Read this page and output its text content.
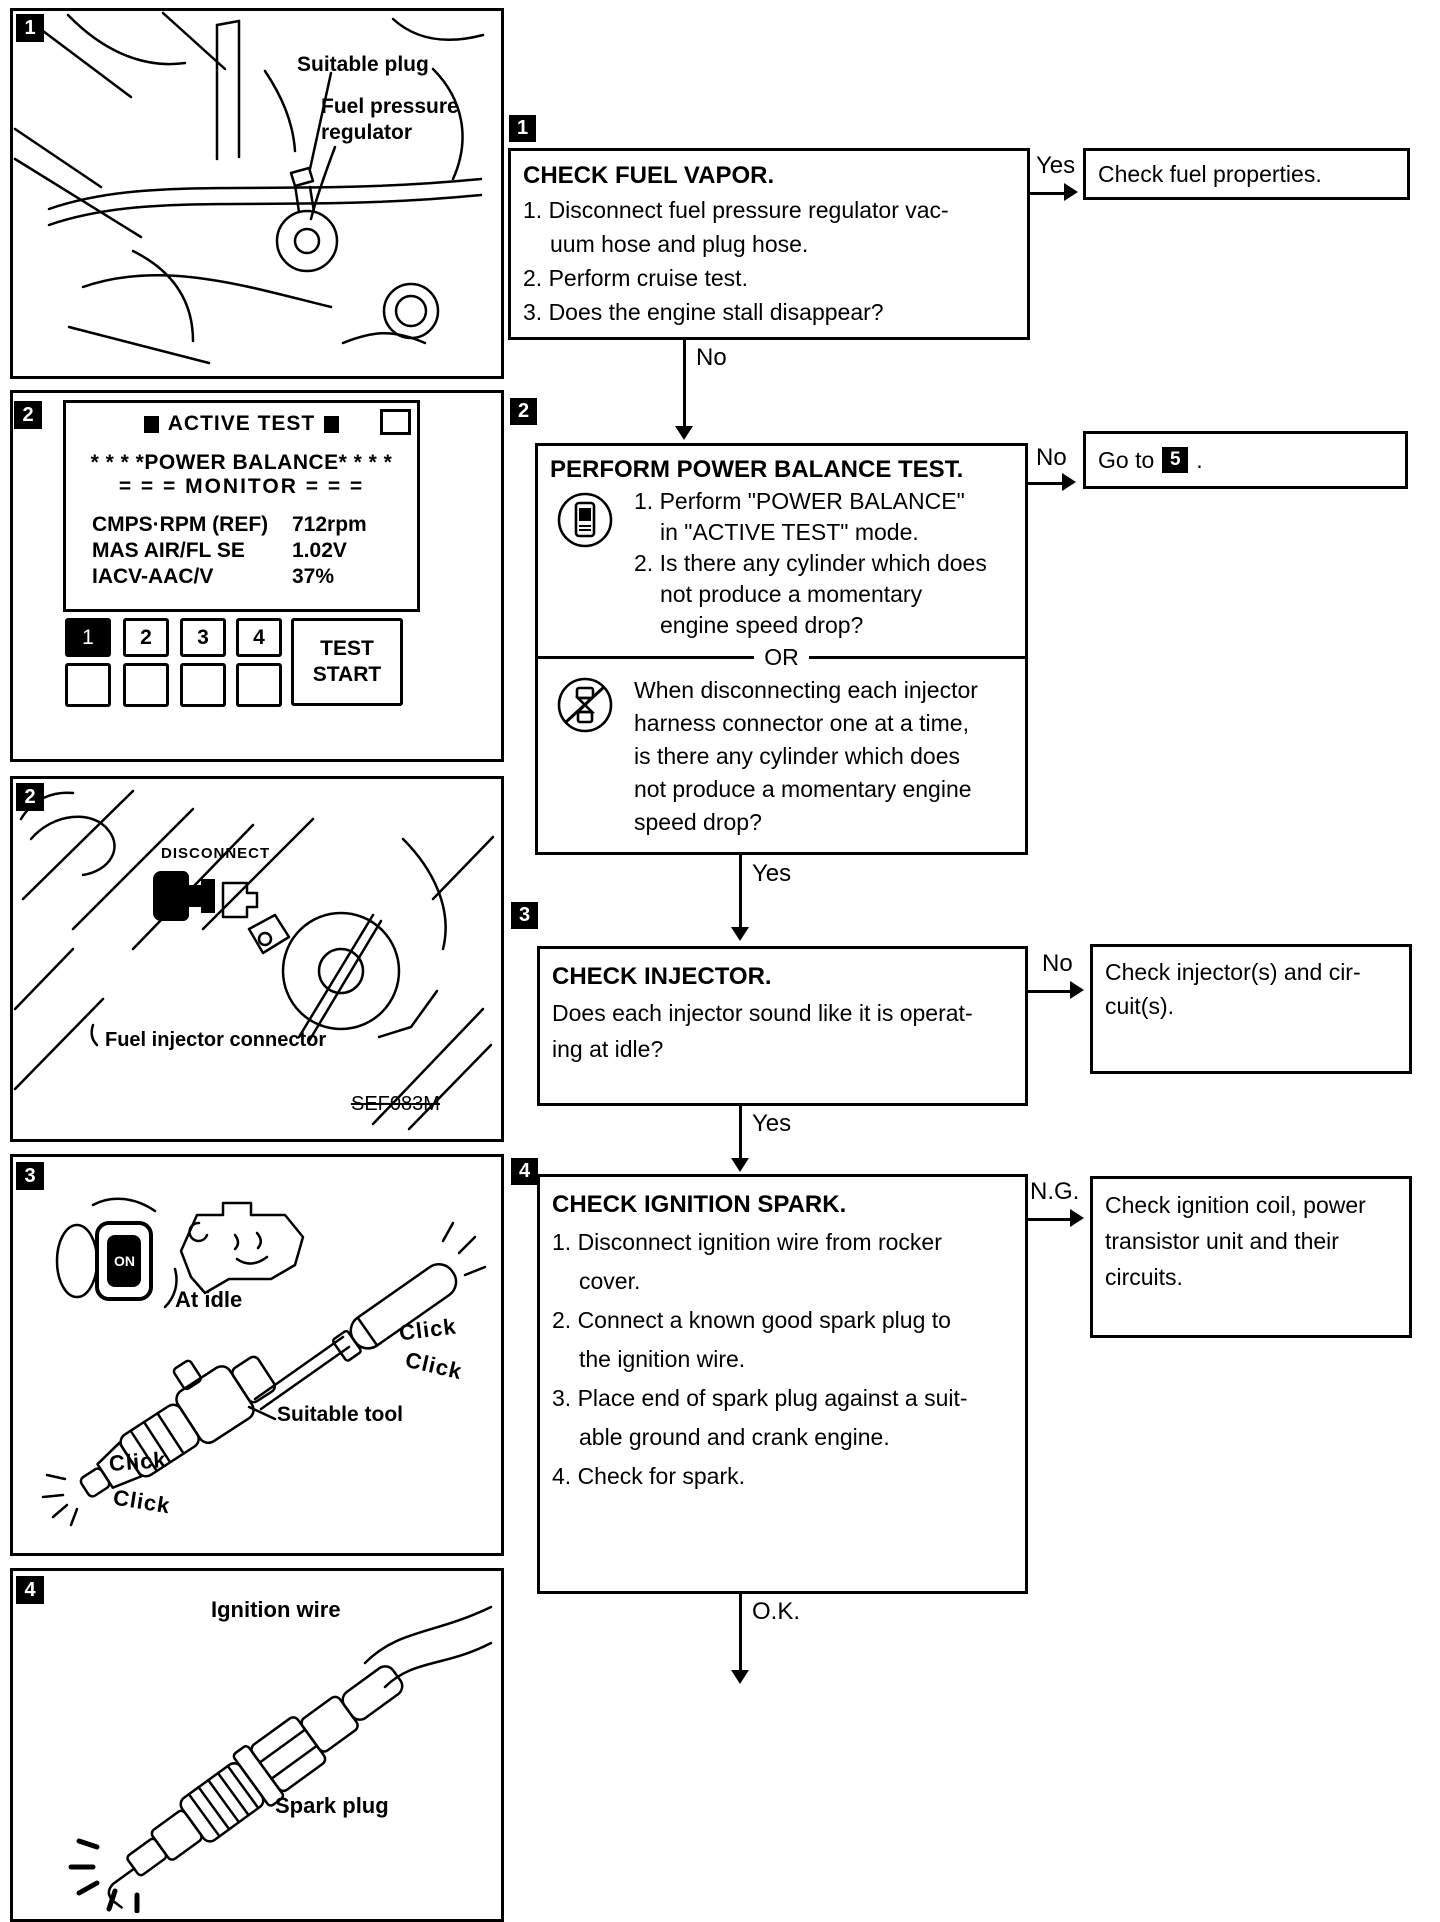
1
Suitable plug
Fuel pressure
regulator
2	ACTIVE TEST
* * * *POWER BALANCE* * * *
= = = MONITOR = = =
CMPS·RPM (REF)	712rpm
MAS AIR/FL SE	1.02V
IACV-AAC/V	37%
1	2	3	4	TEST
START
2
DISCONNECT
Fuel injector connector
SEF083M
3
ON
At idle
Click
Click
Suitable tool
Click
Click
4
Ignition wire
Spark plug
1
CHECK FUEL VAPOR.
1. Disconnect fuel pressure regulator vac-
uum hose and plug hose.
2. Perform cruise test.
3. Does the engine stall disappear?
Yes Check fuel properties.
No
2
PERFORM POWER BALANCE TEST.
1. Perform "POWER BALANCE"
in "ACTIVE TEST" mode.
2. Is there any cylinder which does
not produce a momentary
engine speed drop?
OR
When disconnecting each injector
harness connector one at a time,
is there any cylinder which does
not produce a momentary engine
speed drop?
No Go to 5 .
Yes
3
CHECK INJECTOR.
Does each injector sound like it is operat-
ing at idle?
No Check injector(s) and cir-
cuit(s).
Yes
4
CHECK IGNITION SPARK.
1. Disconnect ignition wire from rocker
cover.
2. Connect a known good spark plug to
the ignition wire.
3. Place end of spark plug against a suit-
able ground and crank engine.
4. Check for spark.
N.G. Check ignition coil, power
transistor unit and their
circuits.
O.K.
